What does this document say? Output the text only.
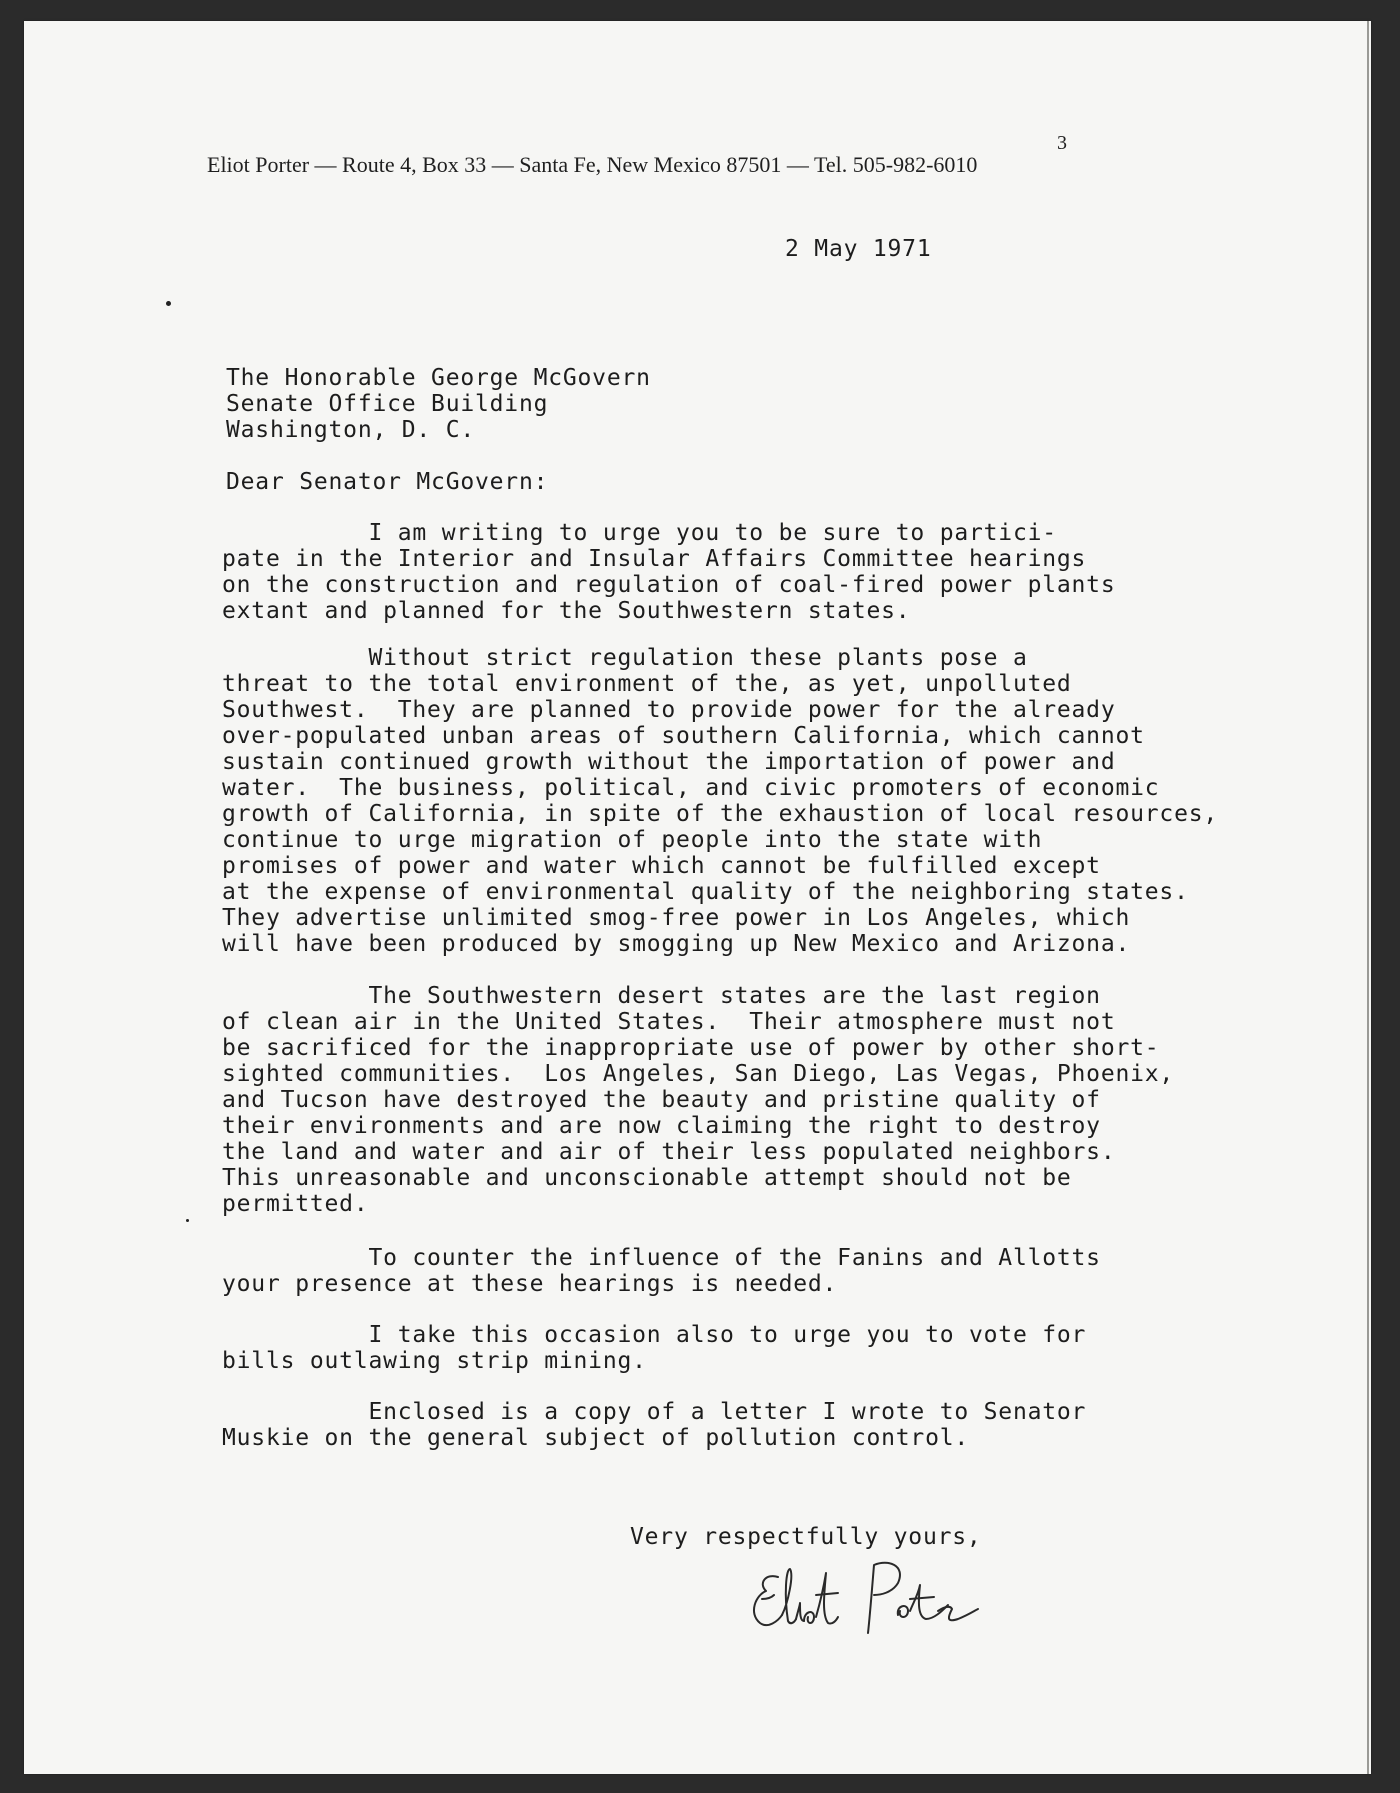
3
Eliot Porter — Route 4, Box 33 — Santa Fe, New Mexico 87501 — Tel. 505-982-6010
2 May 1971
The Honorable George McGovern
Senate Office Building
Washington, D. C.
Dear Senator McGovern:
I am writing to urge you to be sure to partici-
pate in the Interior and Insular Affairs Committee hearings
on the construction and regulation of coal-fired power plants
extant and planned for the Southwestern states.
Without strict regulation these plants pose a
threat to the total environment of the, as yet, unpolluted
Southwest.  They are planned to provide power for the already
over-populated unban areas of southern California, which cannot
sustain continued growth without the importation of power and
water.  The business, political, and civic promoters of economic
growth of California, in spite of the exhaustion of local resources,
continue to urge migration of people into the state with
promises of power and water which cannot be fulfilled except
at the expense of environmental quality of the neighboring states.
They advertise unlimited smog-free power in Los Angeles, which
will have been produced by smogging up New Mexico and Arizona.
The Southwestern desert states are the last region
of clean air in the United States.  Their atmosphere must not
be sacrificed for the inappropriate use of power by other short-
sighted communities.  Los Angeles, San Diego, Las Vegas, Phoenix,
and Tucson have destroyed the beauty and pristine quality of
their environments and are now claiming the right to destroy
the land and water and air of their less populated neighbors.
This unreasonable and unconscionable attempt should not be
permitted.
To counter the influence of the Fanins and Allotts
your presence at these hearings is needed.
I take this occasion also to urge you to vote for
bills outlawing strip mining.
Enclosed is a copy of a letter I wrote to Senator
Muskie on the general subject of pollution control.
Very respectfully yours,
